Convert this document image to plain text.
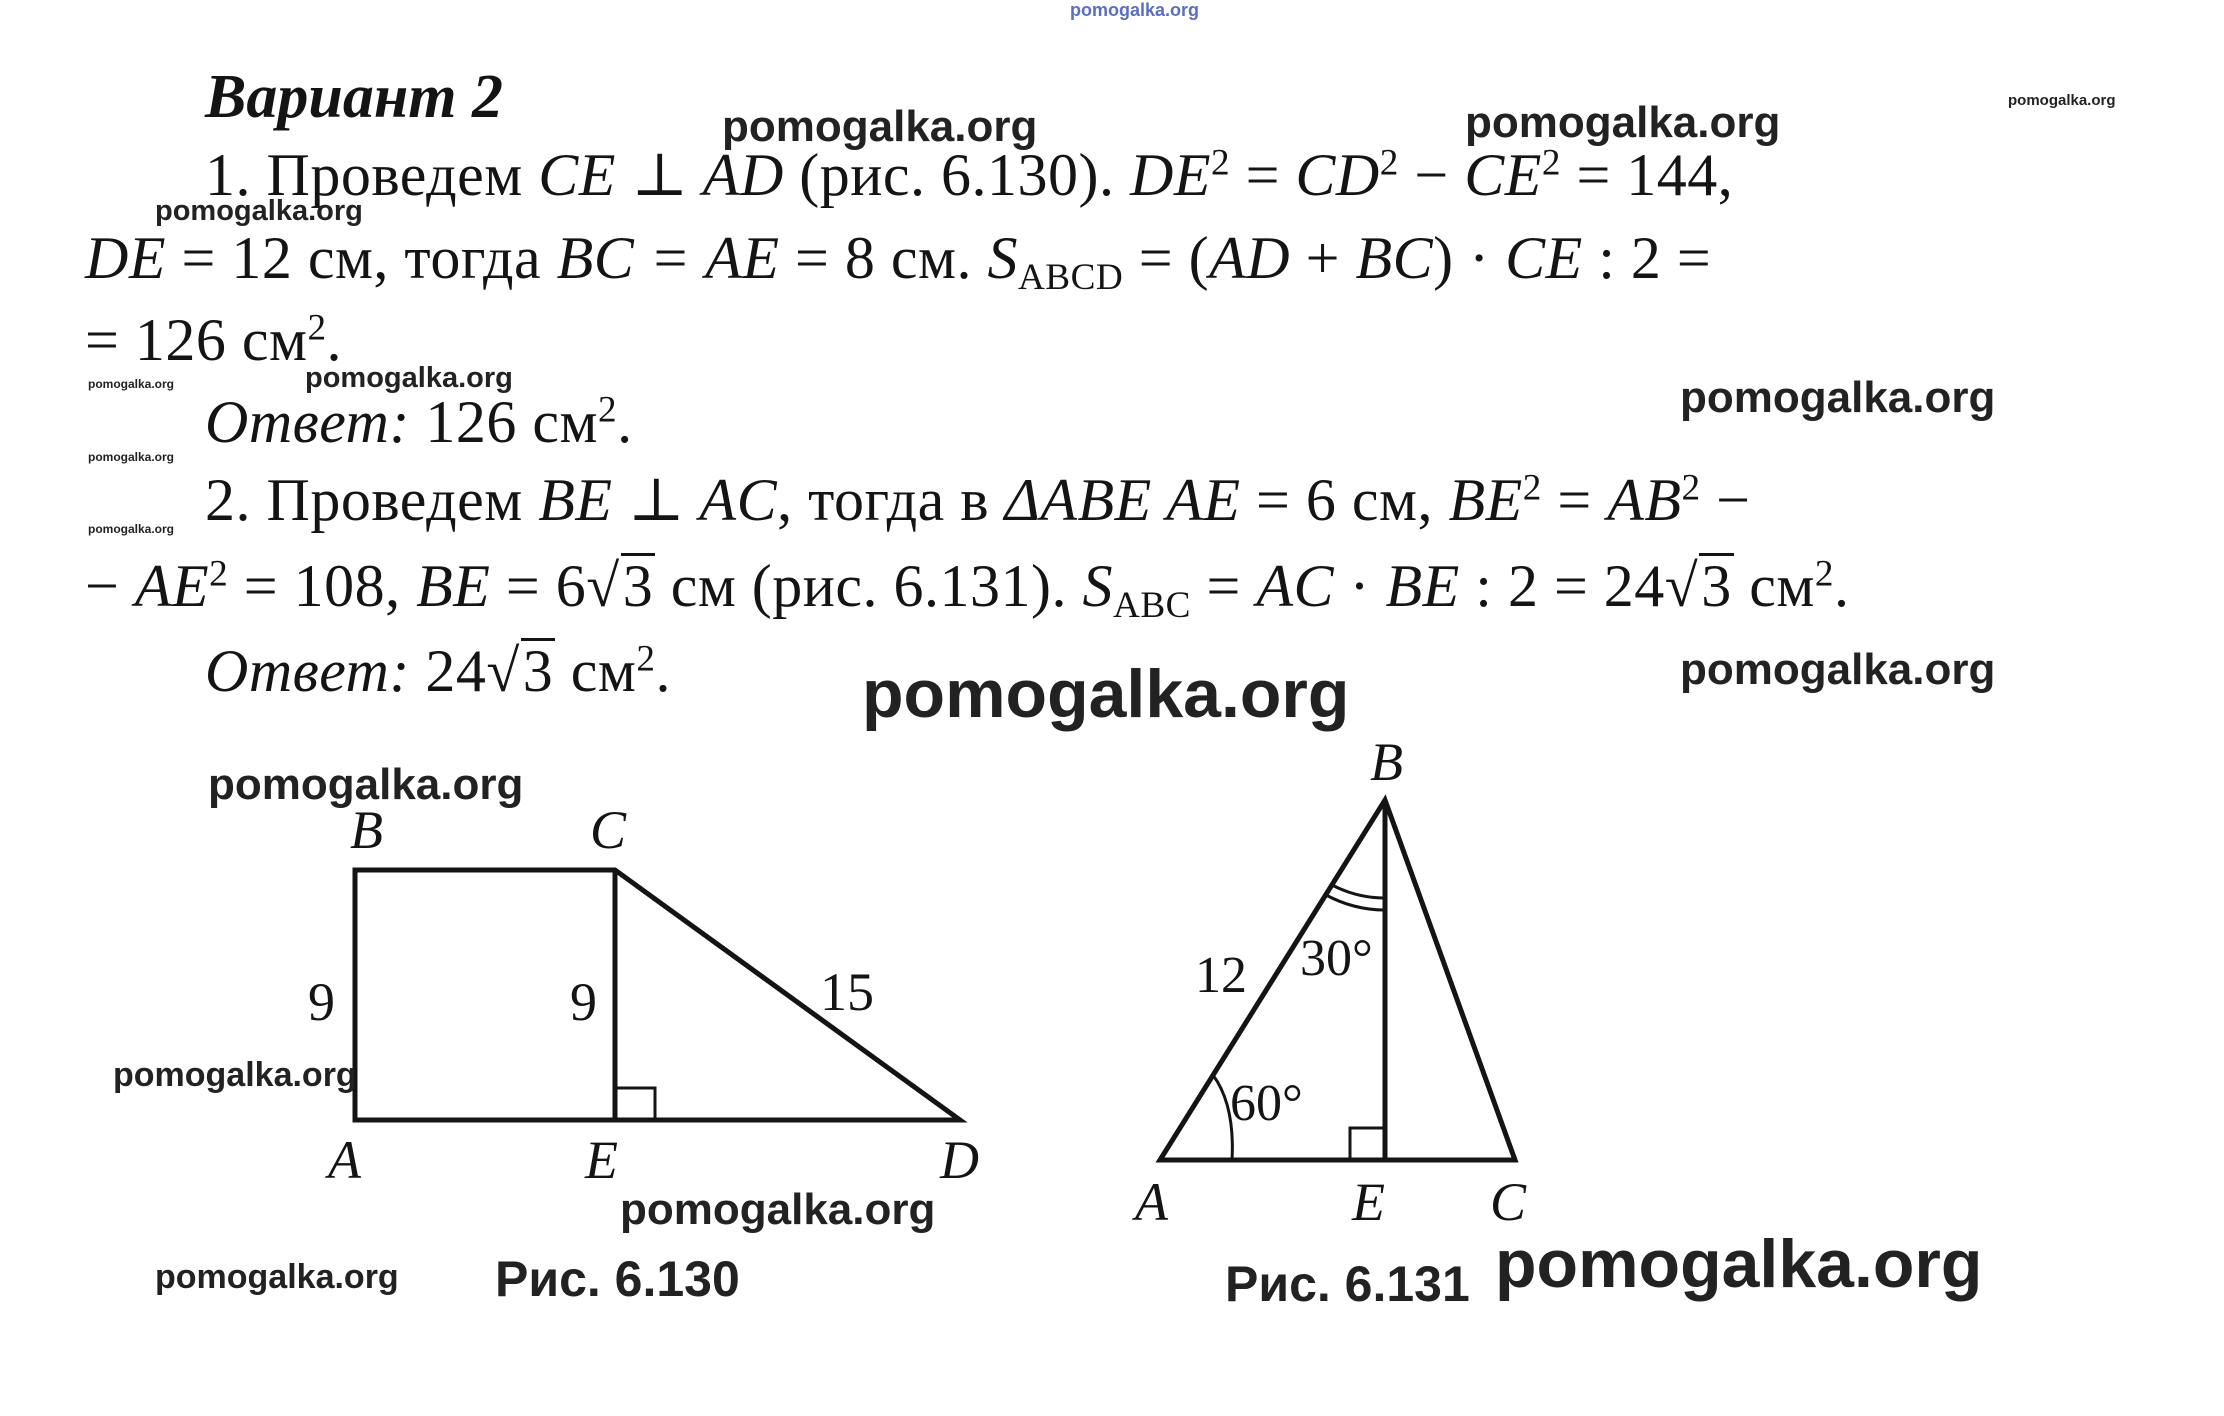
Вариант 2
1. Проведем CE ⊥ AD (рис. 6.130). $DE^2 = CD^2 - CE^2 = 144$,
DE = 12 см, тогда BC = AE = 8 см. $S_{ABCD} = (AD + BC)$ · CE : 2 =
= 126 $см^2$.
Ответ: 126 $см^2$.
2. Проведем BE ⊥ AC, тогда в ΔABE AE = 6 см, $BE^2 = AB^2$ −
− $AE^2 = 108$, BE = 6√3 см (рис. 6.131). $S_{ABC}$ = AC · BE : 2 = 24√3 $см^2$.
Ответ: 24√3 $см^2$.
B	C
A	E	D
9	9	15
B
A	E C
12 30°
60°
Рис. 6.130	Рис. 6.131
pomogalka.org
pomogalka.org	pomogalka.org	pomogalka.org
pomogalka.org
pomogalka.org	pomogalka.org	pomogalka.org
pomogalka.org
pomogalka.org
pomogalka.org
pomogalka.org
pomogalka.org
pomogalka.org
pomogalka.org
pomogalka.org	pomogalka.org
